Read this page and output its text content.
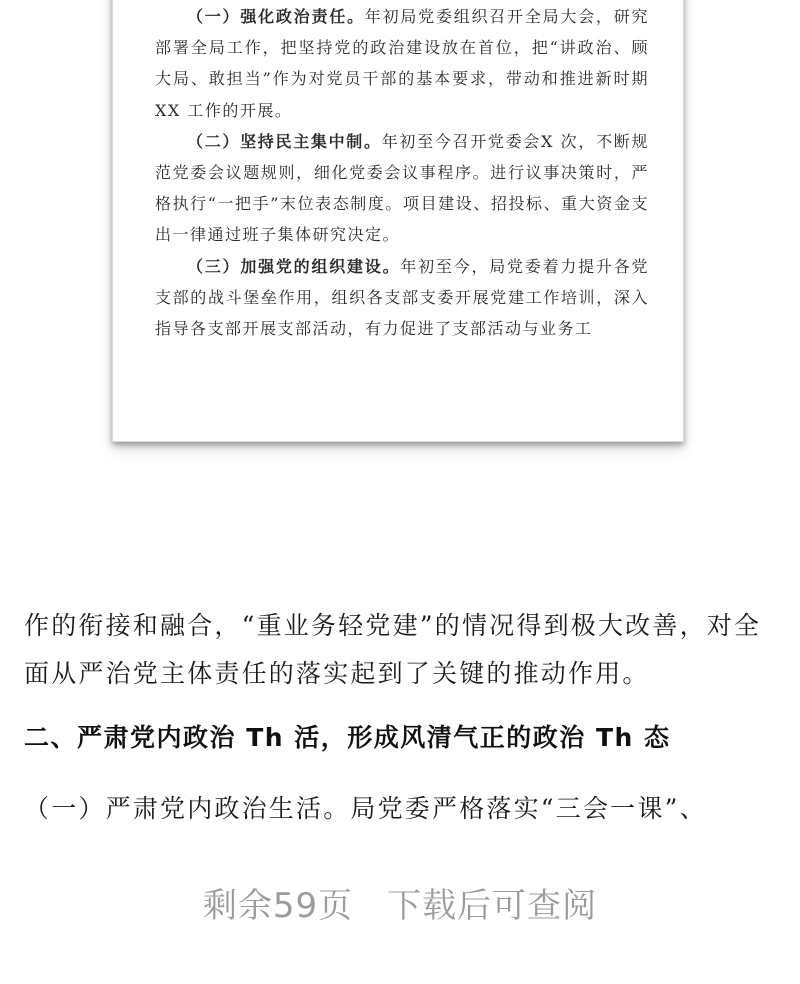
（一）强化政治责任。年初局党委组织召开全局大会，研究部署全局工作，把坚持党的政治建设放在首位，把“讲政治、顾大局、敢担当”作为对党员干部的基本要求，带动和推进新时期XX 工作的开展。

（二）坚持民主集中制。年初至今召开党委会X 次，不断规范党委会议题规则，细化党委会议事程序。进行议事决策时，严格执行“一把手”末位表态制度。项目建设、招投标、重大资金支出一律通过班子集体研究决定。

（三）加强党的组织建设。年初至今，局党委着力提升各党支部的战斗堡垒作用，组织各支部支委开展党建工作培训，深入指导各支部开展支部活动，有力促进了支部活动与业务工

作的衔接和融合，“重业务轻党建”的情况得到极大改善，对全面从严治党主体责任的落实起到了关键的推动作用。

二、严肃党内政治 Th 活，形成风清气正的政治 Th 态

（一）严肃党内政治生活。局党委严格落实“三会一课”、

剩余59页 下载后可查阅
